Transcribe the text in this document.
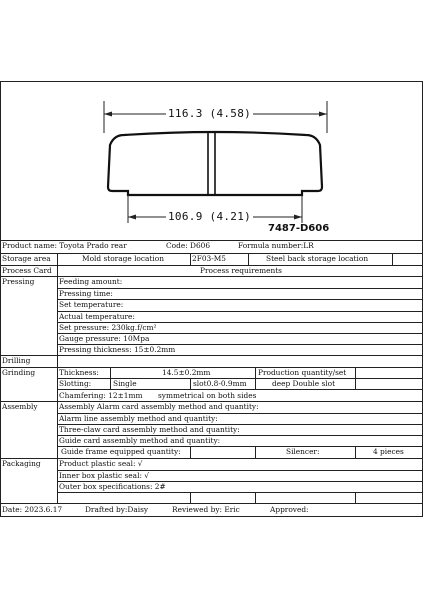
116.3 (4.58)
106.9 (4.21)
7487-D606
Product name: Toyota Prado rear	Code: D606	Formula number:LR
Storage area	Mold storage location	2F03-M5	Steel back storage location
Process Card	Process requirements
Pressing	Feeding amount:
Pressing time:
Set temperature:
Actual temperature:
Set pressure: 230kg.f/cm²
Gauge pressure: 10Mpa
Pressing thickness: 15±0.2mm
Drilling
Grinding	Thickness:	14.5±0.2mm	Production quantity/set
Slotting:	Single	slot0.8-0.9mm	deep Double slot
Chamfering: 12±1mm symmetrical on both sides
Assembly	Assembly Alarm card assembly method and quantity:
Alarm line assembly method and quantity:
Three-claw card assembly method and quantity:
Guide card assembly method and quantity:
Guide frame equipped quantity:	Silencer:	4 pieces
Packaging Product plastic seal: √
Inner box plastic seal: √
Outer box specifications: 2#
Date: 2023.6.17	Drafted by:Daisy	Reviewed by: Eric	Approved:
